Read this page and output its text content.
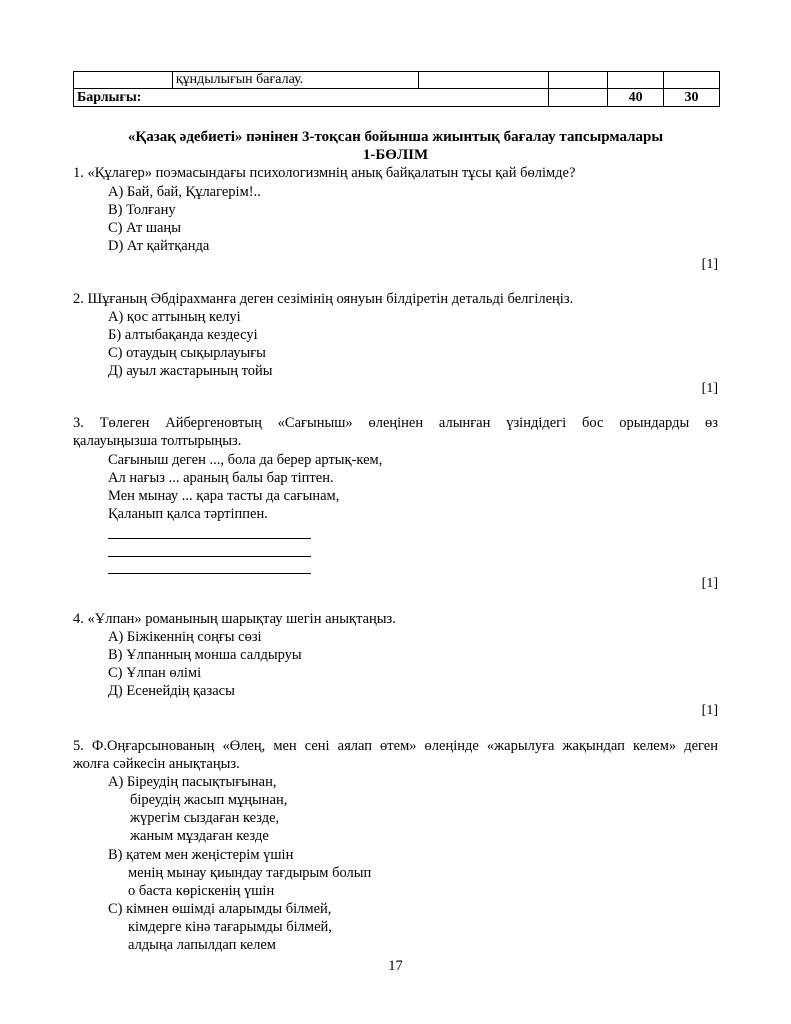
	құндылығын бағалау.				
Барлығы:				40	30
«Қазақ әдебиеті» пәнінен 3-тоқсан бойынша жиынтық бағалау тапсырмалары
1-БӨЛІМ
1. «Құлагер» поэмасындағы психологизмнің анық байқалатын тұсы қай бөлімде?
A) Бай, бай, Құлагерім!..
B) Толғану
C) Ат шаңы
D) Ат қайтқанда
[1]
2. Шұғаның Әбдірахманға деген сезімінің оянуын білдіретін детальді белгілеңіз.
А) қос аттының келуі
Б) алтыбақанда кездесуі
С) отаудың сықырлауығы
Д) ауыл жастарының тойы
[1]
3. Төлеген Айбергеновтың «Сағыныш» өлеңінен алынған үзіндідегі бос орындарды өз
қалауыңызша толтырыңыз.
Сағыныш деген ..., бола да берер артық-кем,
Ал нағыз ... араның балы бар тіптен.
Мен мынау ... қара тасты да сағынам,
Қаланып қалса тәртіппен.
[1]
4. «Ұлпан» романының шарықтау шегін анықтаңыз.
A) Біжікеннің соңғы сөзі
B) Ұлпанның монша салдыруы
C) Ұлпан өлімі
Д) Есенейдің қазасы
[1]
5. Ф.Оңғарсынованың «Өлең, мен сені аялап өтем» өлеңінде «жарылуға жақындап келем» деген
жолға сәйкесін анықтаңыз.
A) Біреудің пасықтығынан,
біреудің жасып мұңынан,
жүрегім сыздаған кезде,
жаным мұздаған кезде
B) қатем мен жеңістерім үшін
менің мынау қиындау тағдырым болып
о баста көріскенің үшін
C) кімнен өшімді аларымды білмей,
кімдерге кінә тағарымды білмей,
алдыңа лапылдап келем
17
